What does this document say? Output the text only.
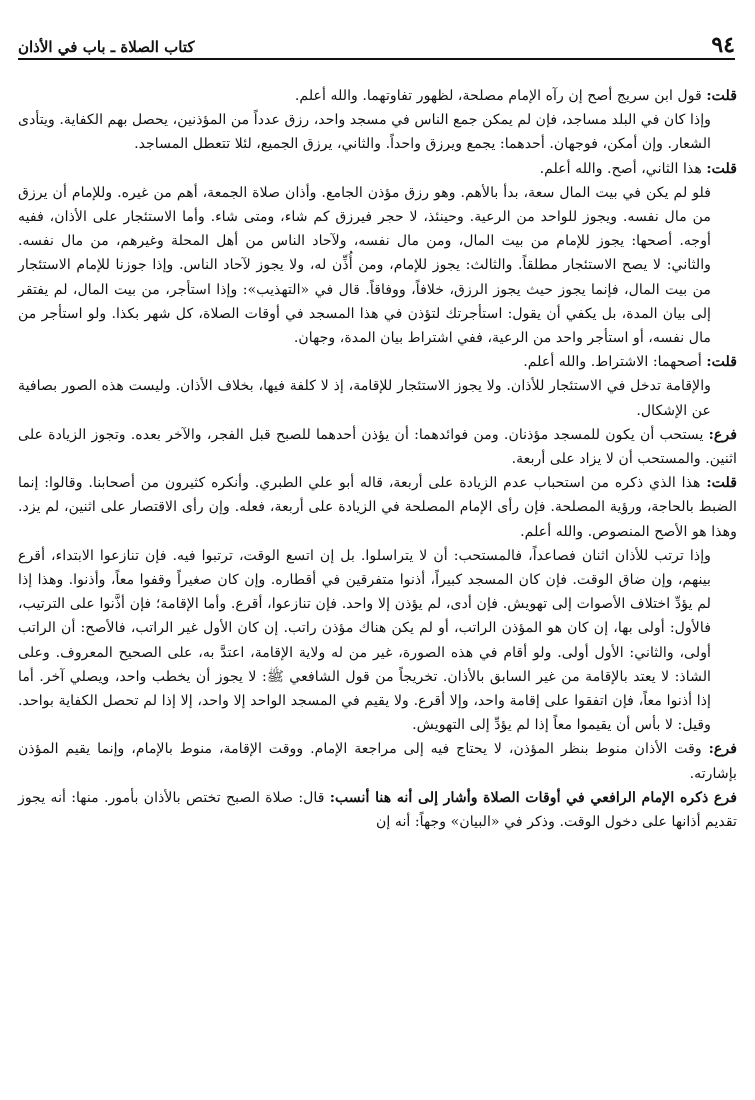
٩٤
كتاب الصلاة ـ باب في الأذان

قلت: قول ابن سريج أصح إن رآه الإمام مصلحة، لظهور تفاوتهما. والله أعلم.

وإذا كان في البلد مساجد، فإن لم يمكن جمع الناس في مسجد واحد، رزق عدداً من المؤذنين، يحصل بهم الكفاية. ويتأدى الشعار. وإن أمكن، فوجهان. أحدهما: يجمع ويرزق واحداً. والثاني، يرزق الجميع، لئلا تتعطل المساجد.

قلت: هذا الثاني، أصح. والله أعلم.

فلو لم يكن في بيت المال سعة، بدأ بالأهم. وهو رزق مؤذن الجامع. وأذان صلاة الجمعة، أهم من غيره. وللإمام أن يرزق من مال نفسه. ويجوز للواحد من الرعية. وحينئذ، لا حجر فيرزق كم شاء، ومتى شاء. وأما الاستئجار على الأذان، ففيه أوجه. أصحها: يجوز للإمام من بيت المال، ومن مال نفسه، ولآحاد الناس من أهل المحلة وغيرهم، من مال نفسه. والثاني: لا يصح الاستئجار مطلقاً. والثالث: يجوز للإمام، ومن أُذِّن له، ولا يجوز لآحاد الناس. وإذا جوزنا للإمام الاستئجار من بيت المال، فإنما يجوز حيث يجوز الرزق، خلافاً، ووفاقاً. قال في «التهذيب»: وإذا استأجر، من بيت المال، لم يفتقر إلى بيان المدة، بل يكفي أن يقول: استأجرتك لتؤذن في هذا المسجد في أوقات الصلاة، كل شهر بكذا. ولو استأجر من مال نفسه، أو استأجر واحد من الرعية، ففي اشتراط بيان المدة، وجهان.

قلت: أصحهما: الاشتراط. والله أعلم.

والإقامة تدخل في الاستئجار للأذان. ولا يجوز الاستئجار للإقامة، إذ لا كلفة فيها، بخلاف الأذان. وليست هذه الصور بصافية عن الإشكال.

فرع: يستحب أن يكون للمسجد مؤذنان. ومن فوائدهما: أن يؤذن أحدهما للصبح قبل الفجر، والآخر بعده. وتجوز الزيادة على اثنين. والمستحب أن لا يزاد على أربعة.

قلت: هذا الذي ذكره من استحباب عدم الزيادة على أربعة، قاله أبو علي الطبري. وأنكره كثيرون من أصحابنا. وقالوا: إنما الضبط بالحاجة، ورؤية المصلحة. فإن رأى الإمام المصلحة في الزيادة على أربعة، فعله. وإن رأى الاقتصار على اثنين، لم يزد. وهذا هو الأصح المنصوص. والله أعلم.

وإذا ترتب للأذان اثنان فصاعداً، فالمستحب: أن لا يتراسلوا. بل إن اتسع الوقت، ترتبوا فيه. فإن تنازعوا الابتداء، أقرع بينهم، وإن ضاق الوقت. فإن كان المسجد كبيراً، أذنوا متفرقين في أقطاره. وإن كان صغيراً وقفوا معاً، وأذنوا. وهذا إذا لم يؤدِّ اختلاف الأصوات إلى تهويش. فإن أدى، لم يؤذن إلا واحد. فإن تنازعوا، أقرع. وأما الإقامة؛ فإن أذَّنوا على الترتيب، فالأول: أولى بها، إن كان هو المؤذن الراتب، أو لم يكن هناك مؤذن راتب. إن كان الأول غير الراتب، فالأصح: أن الراتب أولى، والثاني: الأول أولى. ولو أقام في هذه الصورة، غير من له ولاية الإقامة، اعتدَّ به، على الصحيح المعروف. وعلى الشاذ: لا يعتد بالإقامة من غير السابق بالأذان. تخريجاً من قول الشافعي ﷺ: لا يجوز أن يخطب واحد، ويصلي آخر. أما إذا أذنوا معاً، فإن اتفقوا على إقامة واحد، وإلا أقرع. ولا يقيم في المسجد الواحد إلا واحد، إلا إذا لم تحصل الكفاية بواحد. وقيل: لا بأس أن يقيموا معاً إذا لم يؤدِّ إلى التهويش.

فرع: وقت الأذان منوط بنظر المؤذن، لا يحتاج فيه إلى مراجعة الإمام. ووقت الإقامة، منوط بالإمام، وإنما يقيم المؤذن بإشارته.

فرع ذكره الإمام الرافعي في أوقات الصلاة وأشار إلى أنه هنا أنسب: قال: صلاة الصبح تختص بالأذان بأمور. منها: أنه يجوز تقديم أذانها على دخول الوقت. وذكر في «البيان» وجهاً: أنه إن
